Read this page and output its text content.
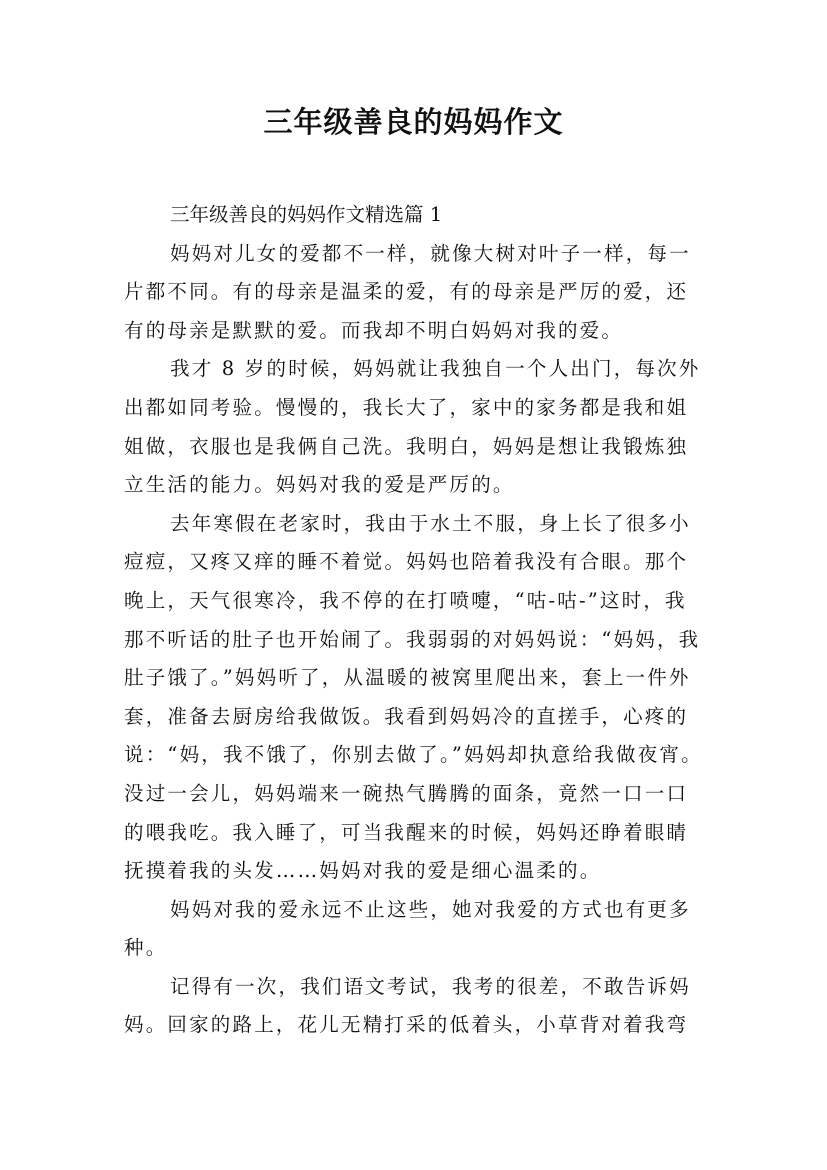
三年级善良的妈妈作文
三年级善良的妈妈作文精选篇 1

妈妈对儿女的爱都不一样，就像大树对叶子一样，每一片都不同。有的母亲是温柔的爱，有的母亲是严厉的爱，还有的母亲是默默的爱。而我却不明白妈妈对我的爱。

我才 8 岁的时候，妈妈就让我独自一个人出门，每次外出都如同考验。慢慢的，我长大了，家中的家务都是我和姐姐做，衣服也是我俩自己洗。我明白，妈妈是想让我锻炼独立生活的能力。妈妈对我的爱是严厉的。

去年寒假在老家时，我由于水土不服，身上长了很多小痘痘，又疼又痒的睡不着觉。妈妈也陪着我没有合眼。那个晚上，天气很寒冷，我不停的在打喷嚏，“咕-咕-”这时，我那不听话的肚子也开始闹了。我弱弱的对妈妈说：“妈妈，我肚子饿了。”妈妈听了，从温暖的被窝里爬出来，套上一件外套，准备去厨房给我做饭。我看到妈妈冷的直搓手，心疼的说：“妈，我不饿了，你别去做了。”妈妈却执意给我做夜宵。没过一会儿，妈妈端来一碗热气腾腾的面条，竟然一口一口的喂我吃。我入睡了，可当我醒来的时候，妈妈还睁着眼睛抚摸着我的头发……妈妈对我的爱是细心温柔的。

妈妈对我的爱永远不止这些，她对我爱的方式也有更多种。

记得有一次，我们语文考试，我考的很差，不敢告诉妈妈。回家的路上，花儿无精打采的低着头，小草背对着我弯
